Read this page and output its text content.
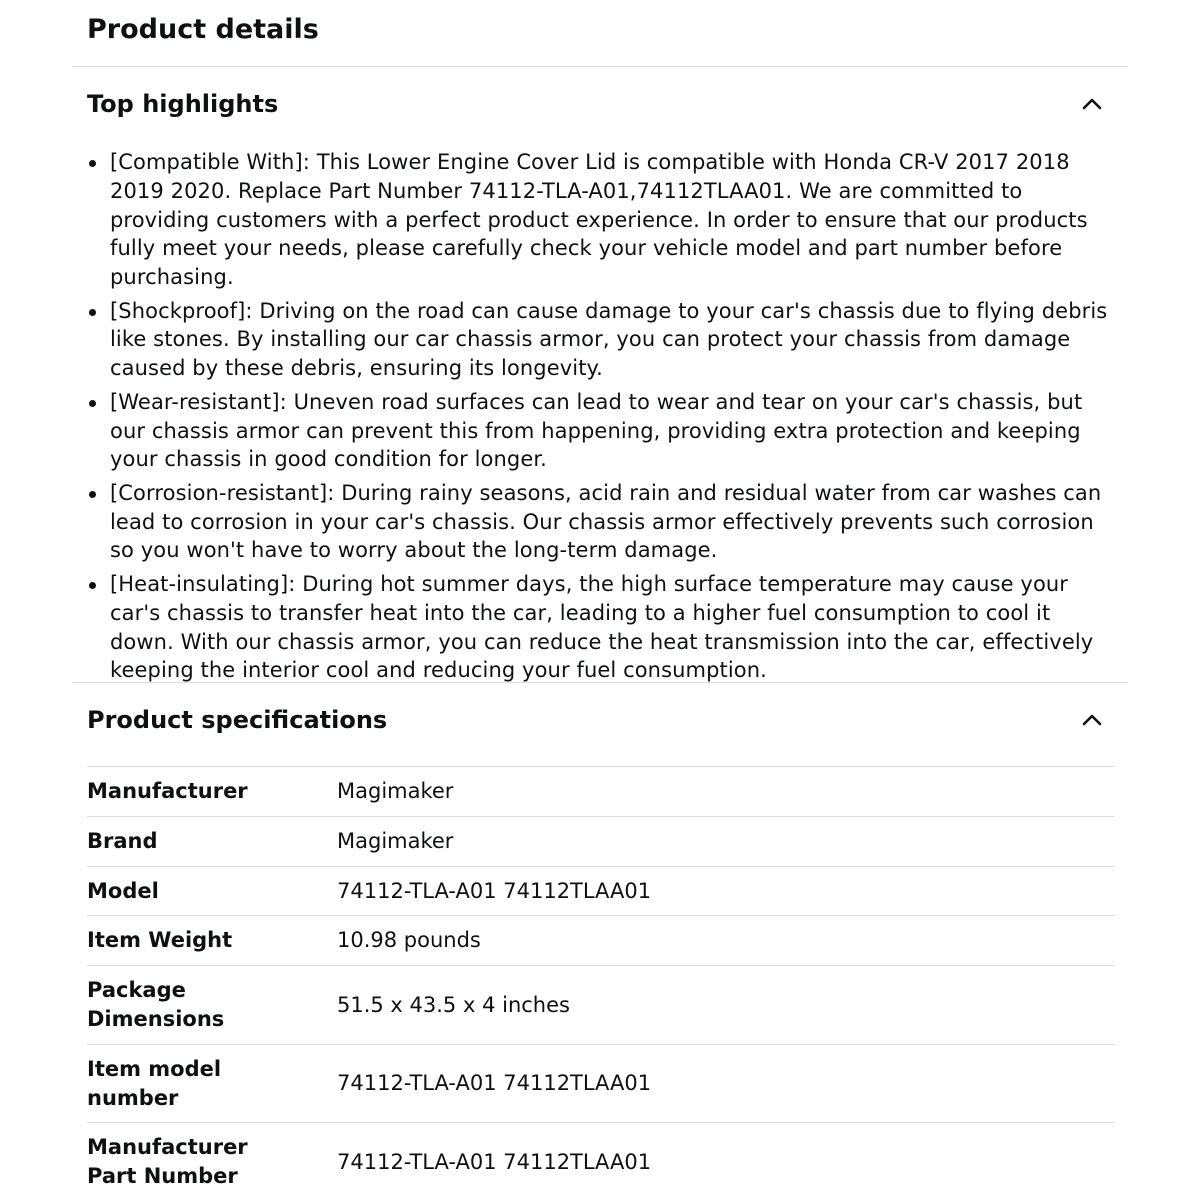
Product details
Top highlights
[Compatible With]: This Lower Engine Cover Lid is compatible with Honda CR-V 2017 2018 2019 2020. Replace Part Number 74112-TLA-A01,74112TLAA01. We are committed to providing customers with a perfect product experience. In order to ensure that our products fully meet your needs, please carefully check your vehicle model and part number before purchasing.
[Shockproof]: Driving on the road can cause damage to your car's chassis due to flying debris like stones. By installing our car chassis armor, you can protect your chassis from damage caused by these debris, ensuring its longevity.
[Wear-resistant]: Uneven road surfaces can lead to wear and tear on your car's chassis, but our chassis armor can prevent this from happening, providing extra protection and keeping your chassis in good condition for longer.
[Corrosion-resistant]: During rainy seasons, acid rain and residual water from car washes can lead to corrosion in your car's chassis. Our chassis armor effectively prevents such corrosion so you won't have to worry about the long-term damage.
[Heat-insulating]: During hot summer days, the high surface temperature may cause your car's chassis to transfer heat into the car, leading to a higher fuel consumption to cool it down. With our chassis armor, you can reduce the heat transmission into the car, effectively keeping the interior cool and reducing your fuel consumption.
Product specifications
Manufacturer	Magimaker
Brand	Magimaker
Model	74112-TLA-A01 74112TLAA01
Item Weight	10.98 pounds
Package Dimensions	51.5 x 43.5 x 4 inches
Item model number	74112-TLA-A01 74112TLAA01
Manufacturer Part Number	74112-TLA-A01 74112TLAA01
